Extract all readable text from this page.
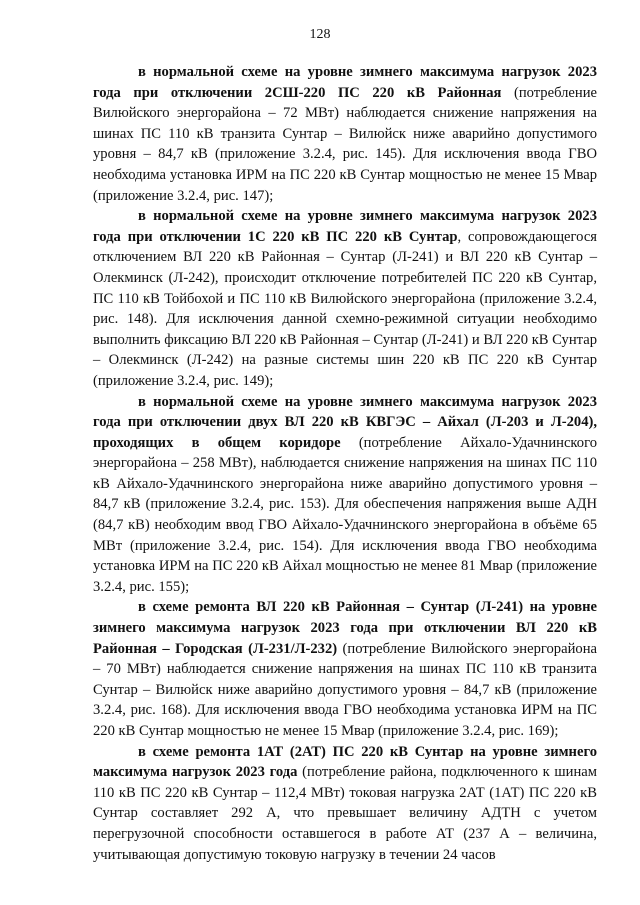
128

в нормальной схеме на уровне зимнего максимума нагрузок 2023 года при отключении 2СШ-220 ПС 220 кВ Районная (потребление Вилюйского энергорайона – 72 МВт) наблюдается снижение напряжения на шинах ПС 110 кВ транзита Сунтар – Вилюйск ниже аварийно допустимого уровня – 84,7 кВ (приложение 3.2.4, рис. 145). Для исключения ввода ГВО необходима установка ИРМ на ПС 220 кВ Сунтар мощностью не менее 15 Мвар (приложение 3.2.4, рис. 147);

в нормальной схеме на уровне зимнего максимума нагрузок 2023 года при отключении 1С 220 кВ ПС 220 кВ Сунтар, сопровождающегося отключением ВЛ 220 кВ Районная – Сунтар (Л-241) и ВЛ 220 кВ Сунтар – Олекминск (Л-242), происходит отключение потребителей ПС 220 кВ Сунтар, ПС 110 кВ Тойбохой и ПС 110 кВ Вилюйского энергорайона (приложение 3.2.4, рис. 148). Для исключения данной схемно-режимной ситуации необходимо выполнить фиксацию ВЛ 220 кВ Районная – Сунтар (Л-241) и ВЛ 220 кВ Сунтар – Олекминск (Л-242) на разные системы шин 220 кВ ПС 220 кВ Сунтар (приложение 3.2.4, рис. 149);

в нормальной схеме на уровне зимнего максимума нагрузок 2023 года при отключении двух ВЛ 220 кВ КВГЭС – Айхал (Л-203 и Л-204), проходящих в общем коридоре (потребление Айхало-Удачнинского энергорайона – 258 МВт), наблюдается снижение напряжения на шинах ПС 110 кВ Айхало-Удачнинского энергорайона ниже аварийно допустимого уровня – 84,7 кВ (приложение 3.2.4, рис. 153). Для обеспечения напряжения выше АДН (84,7 кВ) необходим ввод ГВО Айхало-Удачнинского энергорайона в объёме 65 МВт (приложение 3.2.4, рис. 154). Для исключения ввода ГВО необходима установка ИРМ на ПС 220 кВ Айхал мощностью не менее 81 Мвар (приложение 3.2.4, рис. 155);

в схеме ремонта ВЛ 220 кВ Районная – Сунтар (Л-241) на уровне зимнего максимума нагрузок 2023 года при отключении ВЛ 220 кВ Районная – Городская (Л-231/Л-232) (потребление Вилюйского энергорайона – 70 МВт) наблюдается снижение напряжения на шинах ПС 110 кВ транзита Сунтар – Вилюйск ниже аварийно допустимого уровня – 84,7 кВ (приложение 3.2.4, рис. 168). Для исключения ввода ГВО необходима установка ИРМ на ПС 220 кВ Сунтар мощностью не менее 15 Мвар (приложение 3.2.4, рис. 169);

в схеме ремонта 1АТ (2АТ) ПС 220 кВ Сунтар на уровне зимнего максимума нагрузок 2023 года (потребление района, подключенного к шинам 110 кВ ПС 220 кВ Сунтар – 112,4 МВт) токовая нагрузка 2АТ (1АТ) ПС 220 кВ Сунтар составляет 292 А, что превышает величину АДТН с учетом перегрузочной способности оставшегося в работе АТ (237 А – величина, учитывающая допустимую токовую нагрузку в течении 24 часов
